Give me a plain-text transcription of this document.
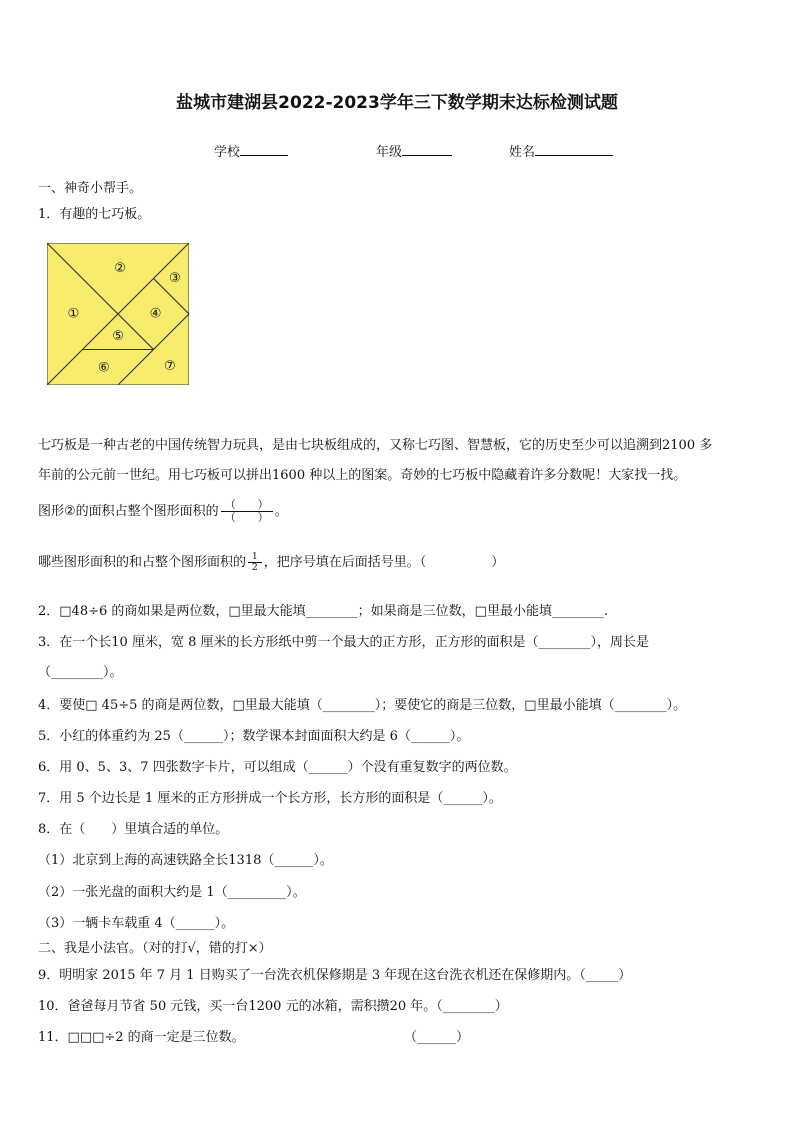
盐城市建湖县2022-2023学年三下数学期末达标检测试题
学校	年级	姓名
一、神奇小帮手。
1．有趣的七巧板。
①
②
③
④
⑤
⑥	⑦
七巧板是一种古老的中国传统智力玩具，是由七块板组成的，又称七巧图、智慧板，它的历史至少可以追溯到2100 多
年前的公元前一世纪。用七巧板可以拼出1600 种以上的图案。奇妙的七巧板中隐藏着许多分数呢！大家找一找。
图形②的面积占整个图形面积的 $\frac{( )}{( )}$ 。
哪些图形面积的和占整个图形面积的 $\frac{1}{2}$ ，把序号填在后面括号里。（　　　　　）
2．□48÷6 的商如果是两位数，□里最大能填________；如果商是三位数，□里最小能填________.
3．在一个长10 厘米，宽 8 厘米的长方形纸中剪一个最大的正方形，正方形的面积是（________），周长是
（________）。
4．要使□ 45÷5 的商是两位数，□里最大能填（________）；要使它的商是三位数，□里最小能填（________）。
5．小红的体重约为 25（______）；数学课本封面面积大约是 6（______）。
6．用 0、5、3、7 四张数字卡片，可以组成（______）个没有重复数字的两位数。
7．用 5 个边长是 1 厘米的正方形拼成一个长方形，长方形的面积是（______）。
8．在（　　）里填合适的单位。
（1）北京到上海的高速铁路全长1318（______）。
（2）一张光盘的面积大约是 1（_________）。
（3）一辆卡车载重 4（______）。
二、我是小法官。（对的打√，错的打×）
9．明明家 2015 年 7 月 1 日购买了一台洗衣机保修期是 3 年现在这台洗衣机还在保修期内。（_____）
10．爸爸每月节省 50 元钱，买一台1200 元的冰箱，需积攒20 年。（________）
11．□□□÷2 的商一定是三位数。	（______）
